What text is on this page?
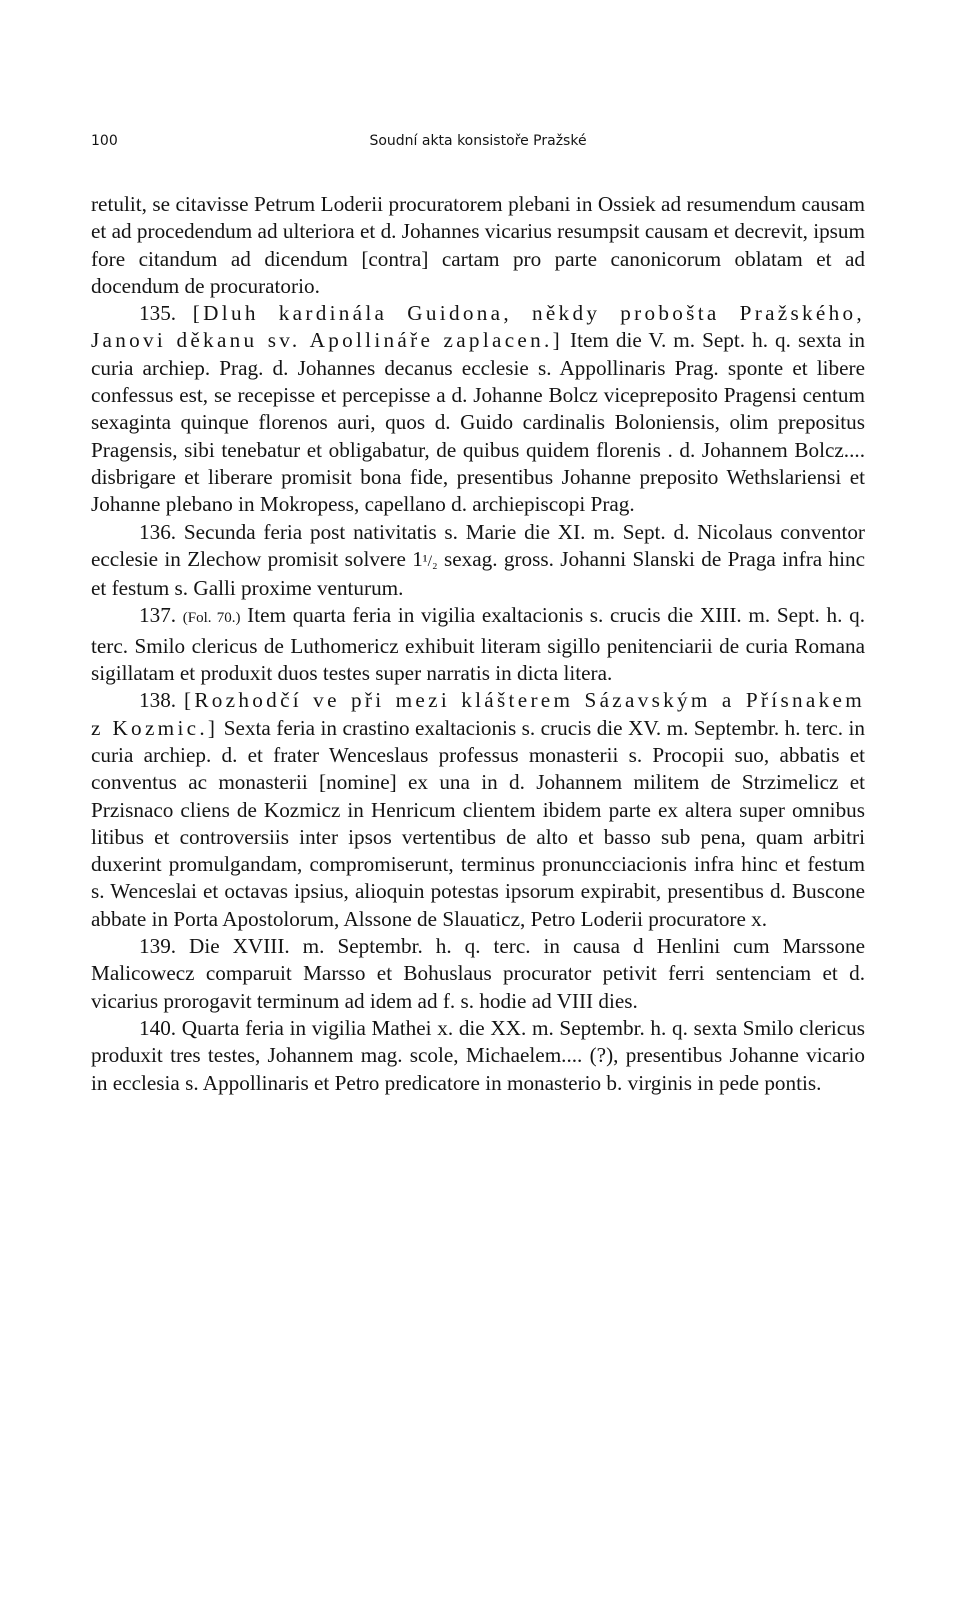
100	Soudní akta konsistoře Pražské

retulit, se citavisse Petrum Loderii procuratorem plebani in Ossiek ad resumendum causam et ad procedendum ad ulteriora et d. Johannes vicarius resumpsit causam et decrevit, ipsum fore citandum ad dicendum [contra] cartam pro parte canonicorum oblatam et ad docendum de procuratorio.

135. [Dluh kardinála Guidona, někdy probošta Pražského, Janovi děkanu sv. Apollináře zaplacen.] Item die V. m. Sept. h. q. sexta in curia archiep. Prag. d. Johannes decanus ecclesie s. Appollinaris Prag. sponte et libere confessus est, se recepisse et percepisse a d. Johanne Bolcz vicepreposito Pragensi centum sexaginta quinque florenos auri, quos d. Guido cardinalis Boloniensis, olim prepositus Pragensis, sibi tenebatur et obligabatur, de quibus quidem florenis . d. Johannem Bolcz.... disbrigare et liberare promisit bona fide, presentibus Johanne preposito Wethslariensi et Johanne plebano in Mokropess, capellano d. archiepiscopi Prag.

136. Secunda feria post nativitatis s. Marie die XI. m. Sept. d. Nicolaus conventor ecclesie in Zlechow promisit solvere 1¹/₂ sexag. gross. Johanni Slanski de Praga infra hinc et festum s. Galli proxime venturum.

137. (Fol. 70.) Item quarta feria in vigilia exaltacionis s. crucis die XIII. m. Sept. h. q. terc. Smilo clericus de Luthomericz exhibuit literam sigillo penitenciarii de curia Romana sigillatam et produxit duos testes super narratis in dicta litera.

138. [Rozhodčí ve při mezi klášterem Sázavským a Přísnakem z Kozmic.] Sexta feria in crastino exaltacionis s. crucis die XV. m. Septembr. h. terc. in curia archiep. d. et frater Wenceslaus professus monasterii s. Procopii suo, abbatis et conventus ac monasterii [nomine] ex una in d. Johannem militem de Strzimelicz et Przisnaco cliens de Kozmicz in Henricum clientem ibidem parte ex altera super omnibus litibus et controversiis inter ipsos vertentibus de alto et basso sub pena, quam arbitri duxerint promulgandam, compromiserunt, terminus pronuncciacionis infra hinc et festum s. Wenceslai et octavas ipsius, alioquin potestas ipsorum expirabit, presentibus d. Buscone abbate in Porta Apostolorum, Alssone de Slauaticz, Petro Loderii procuratore x.

139. Die XVIII. m. Septembr. h. q. terc. in causa d Henlini cum Marssone Malicowecz comparuit Marsso et Bohuslaus procurator petivit ferri sentenciam et d. vicarius prorogavit terminum ad idem ad f. s. hodie ad VIII dies.

140. Quarta feria in vigilia Mathei x. die XX. m. Septembr. h. q. sexta Smilo clericus produxit tres testes, Johannem mag. scole, Michaelem.... (?), presentibus Johanne vicario in ecclesia s. Appollinaris et Petro predicatore in monasterio b. virginis in pede pontis.
